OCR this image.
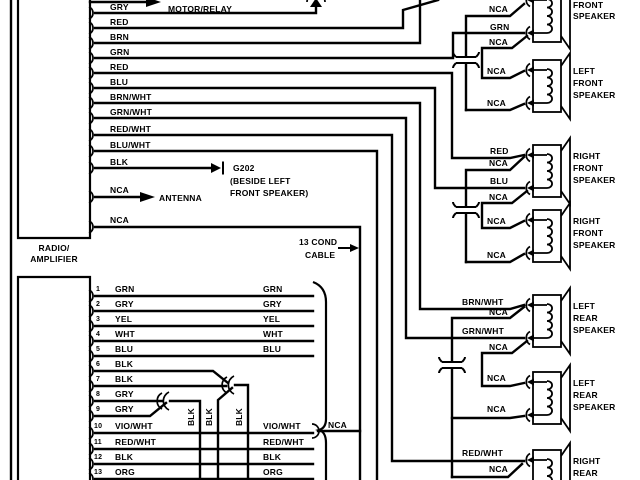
RADIO/
AMPLIFIER
MOTOR/RELAY
GRY
RED
BRN
GRN
RED
BLU
BRN/WHT
GRN/WHT
RED/WHT
BLU/WHT
BLK
G202
(BESIDE LEFT
FRONT SPEAKER)
NCA
ANTENNA
NCA
13 COND
CABLE
NCA
GRN
NCA
NCA
NCA
RED
NCA
BLU
NCA
NCA
NCA
BRN/WHT
NCA
GRN/WHT
NCA
NCA
NCA
RED/WHT
NCA
FRONT
SPEAKER
LEFT
FRONT
SPEAKER
RIGHT
FRONT
SPEAKER
RIGHT
FRONT
SPEAKER
LEFT
REAR
SPEAKER
LEFT
REAR
SPEAKER
RIGHT
REAR
BLK BLK BLK
1 GRN
2 GRY
3 YEL
4 WHT
5 BLU
6 BLK
7 BLK
8 GRY
9 GRY
10 VIO/WHT
11 RED/WHT
12 BLK
13 ORG
GRN
GRY
YEL
WHT
BLU
VIO/WHT
RED/WHT
BLK
ORG
NCA
